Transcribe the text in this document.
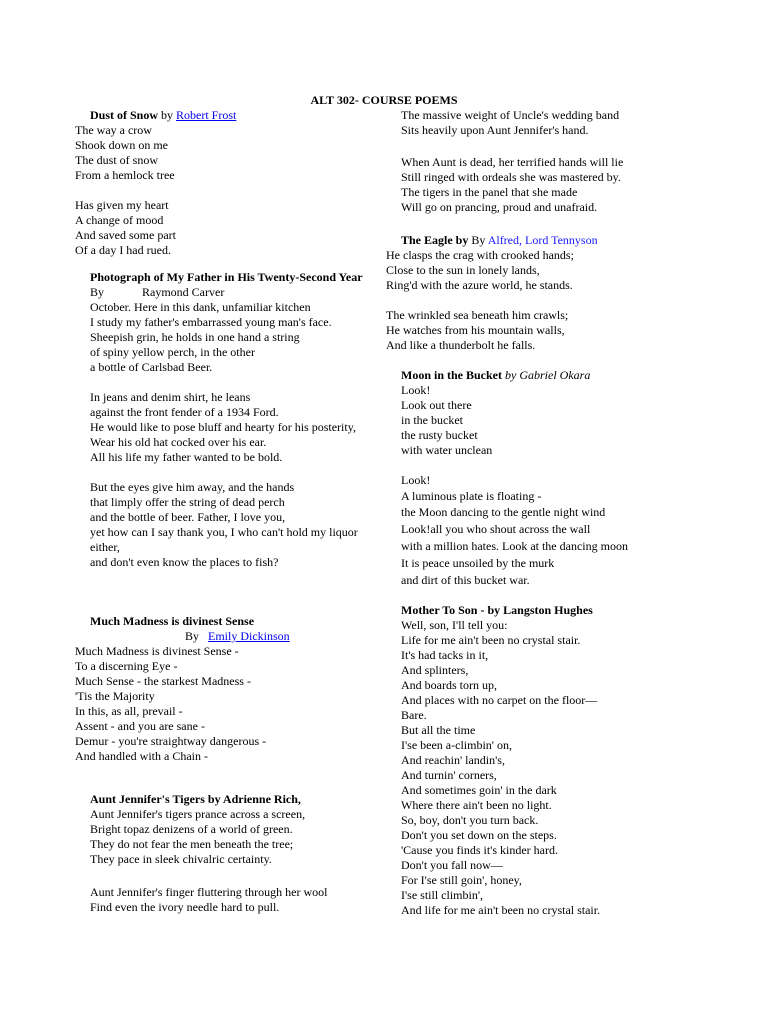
ALT 302- COURSE POEMS
Dust of Snow by Robert Frost
The way a crow
Shook down on me
The dust of snow
From a hemlock tree
Has given my heart
A change of mood
And saved some part
Of a day I had rued.
Photograph of My Father in His Twenty-Second Year
By	Raymond Carver
October. Here in this dank, unfamiliar kitchen
I study my father's embarrassed young man's face.
Sheepish grin, he holds in one hand a string
of spiny yellow perch, in the other
a bottle of Carlsbad Beer.
In jeans and denim shirt, he leans
against the front fender of a 1934 Ford.
He would like to pose bluff and hearty for his posterity,
Wear his old hat cocked over his ear.
All his life my father wanted to be bold.
But the eyes give him away, and the hands
that limply offer the string of dead perch
and the bottle of beer. Father, I love you,
yet how can I say thank you, I who can't hold my liquor
either,
and don't even know the places to fish?
Much Madness is divinest Sense
By Emily Dickinson
Much Madness is divinest Sense -
To a discerning Eye -
Much Sense - the starkest Madness -
'Tis the Majority
In this, as all, prevail -
Assent - and you are sane -
Demur - you're straightway dangerous -
And handled with a Chain -
Aunt Jennifer's Tigers by Adrienne Rich,
Aunt Jennifer's tigers prance across a screen,
Bright topaz denizens of a world of green.
They do not fear the men beneath the tree;
They pace in sleek chivalric certainty.
Aunt Jennifer's finger fluttering through her wool
Find even the ivory needle hard to pull.
The massive weight of Uncle's wedding band
Sits heavily upon Aunt Jennifer's hand.
When Aunt is dead, her terrified hands will lie
Still ringed with ordeals she was mastered by.
The tigers in the panel that she made
Will go on prancing, proud and unafraid.
The Eagle by By Alfred, Lord Tennyson
He clasps the crag with crooked hands;
Close to the sun in lonely lands,
Ring'd with the azure world, he stands.
The wrinkled sea beneath him crawls;
He watches from his mountain walls,
And like a thunderbolt he falls.
Moon in the Bucket by Gabriel Okara
Look!
Look out there
in the bucket
the rusty bucket
with water unclean
Look!
A luminous plate is floating -
the Moon dancing to the gentle night wind
Look!all you who shout across the wall
with a million hates. Look at the dancing moon
It is peace unsoiled by the murk
and dirt of this bucket war.
Mother To Son - by Langston Hughes
Well, son, I'll tell you:
Life for me ain't been no crystal stair.
It's had tacks in it,
And splinters,
And boards torn up,
And places with no carpet on the floor—
Bare.
But all the time
I'se been a-climbin' on,
And reachin' landin's,
And turnin' corners,
And sometimes goin' in the dark
Where there ain't been no light.
So, boy, don't you turn back.
Don't you set down on the steps.
'Cause you finds it's kinder hard.
Don't you fall now—
For I'se still goin', honey,
I'se still climbin',
And life for me ain't been no crystal stair.
